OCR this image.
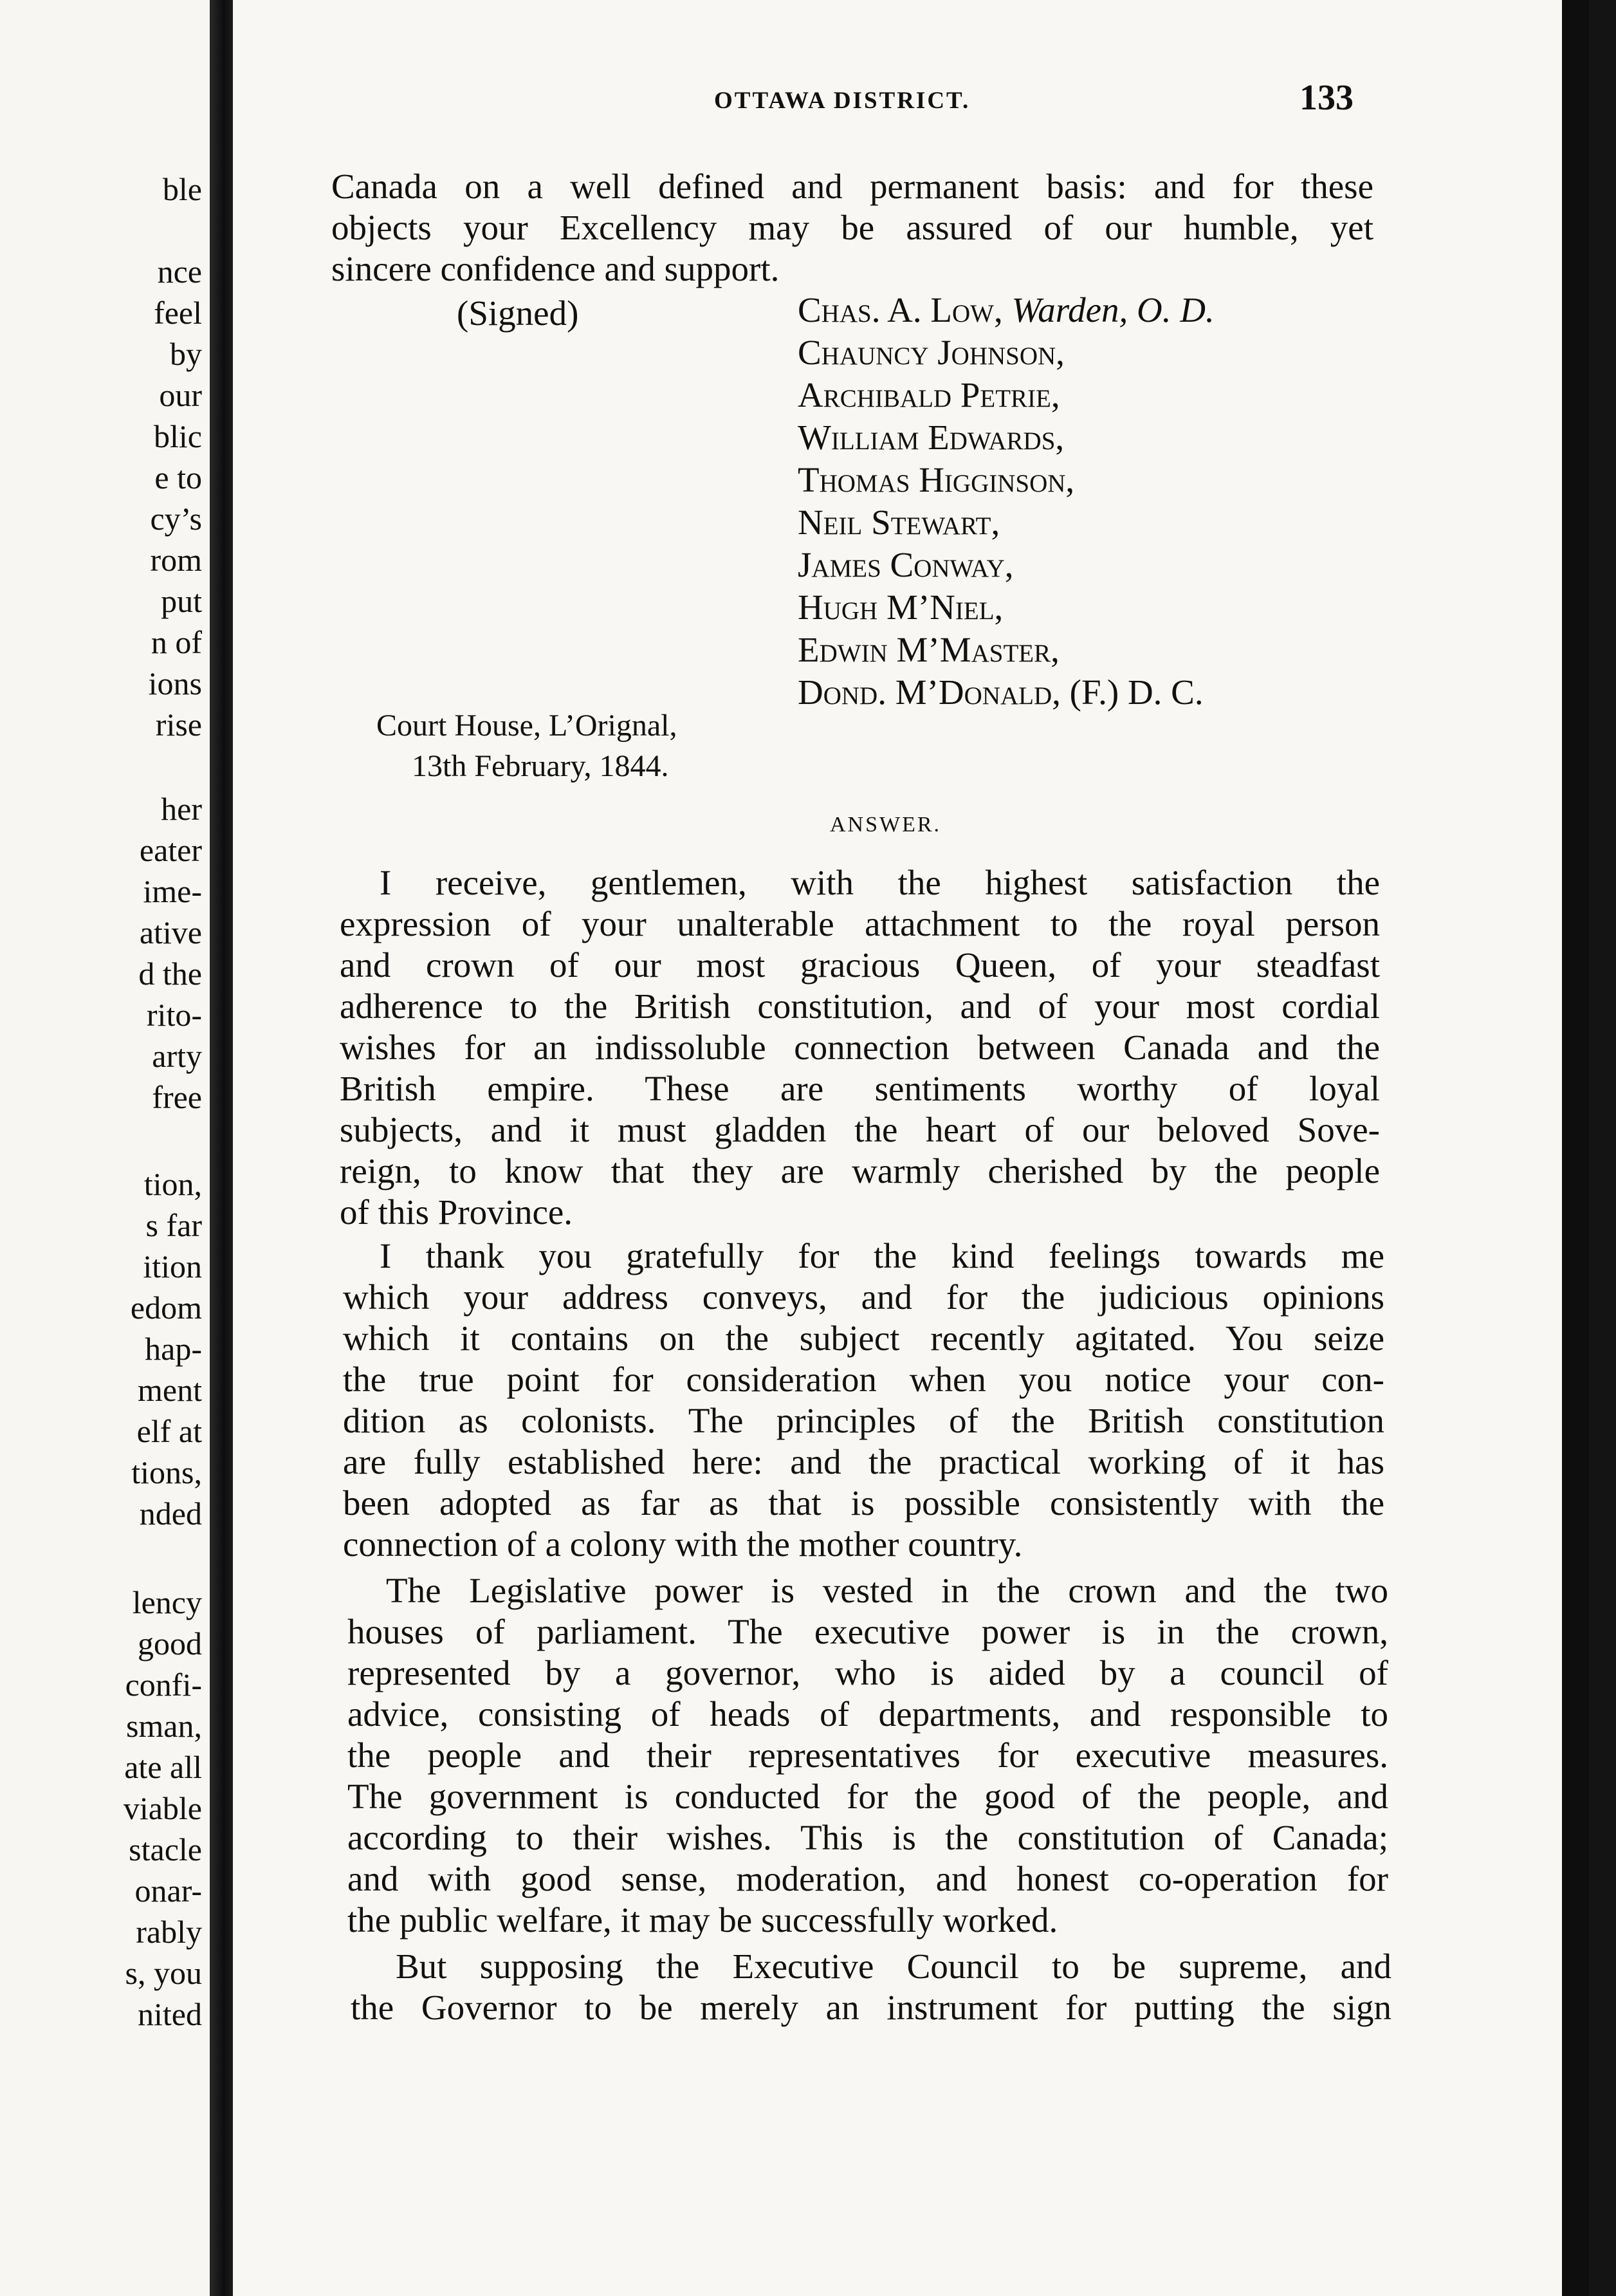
ble
nce
feel
by
our
blic
e to
cy’s
rom
put
n of
ions
rise
her
eater
ime-
ative
d the
rito-
arty
free
tion,
s far
ition
edom
hap-
ment
elf at
tions,
nded
lency
good
confi-
sman,
ate all
viable
stacle
onar-
rably
s, you
nited
OTTAWA DISTRICT.	133
Canada on a well defined and permanent basis: and for these
objects your Excellency may be assured of our humble, yet
sincere confidence and support.
(Signed)	Chas. A. Low, Warden, O. D.
Chauncy Johnson,
Archibald Petrie,
William Edwards,
Thomas Higginson,
Neil Stewart,
James Conway,
Hugh M’Niel,
Edwin M’Master,
Dond. M’Donald, (F.) D. C.
Court House, L’Orignal,
13th February, 1844.
ANSWER.
I receive, gentlemen, with the highest satisfaction the
expression of your unalterable attachment to the royal person
and crown of our most gracious Queen, of your steadfast
adherence to the British constitution, and of your most cordial
wishes for an indissoluble connection between Canada and the
British empire. These are sentiments worthy of loyal
subjects, and it must gladden the heart of our beloved Sove-
reign, to know that they are warmly cherished by the people
of this Province.
I thank you gratefully for the kind feelings towards me
which your address conveys, and for the judicious opinions
which it contains on the subject recently agitated. You seize
the true point for consideration when you notice your con-
dition as colonists. The principles of the British constitution
are fully established here: and the practical working of it has
been adopted as far as that is possible consistently with the
connection of a colony with the mother country.
The Legislative power is vested in the crown and the two
houses of parliament. The executive power is in the crown,
represented by a governor, who is aided by a council of
advice, consisting of heads of departments, and responsible to
the people and their representatives for executive measures.
The government is conducted for the good of the people, and
according to their wishes. This is the constitution of Canada;
and with good sense, moderation, and honest co-operation for
the public welfare, it may be successfully worked.
But supposing the Executive Council to be supreme, and
the Governor to be merely an instrument for putting the sign
